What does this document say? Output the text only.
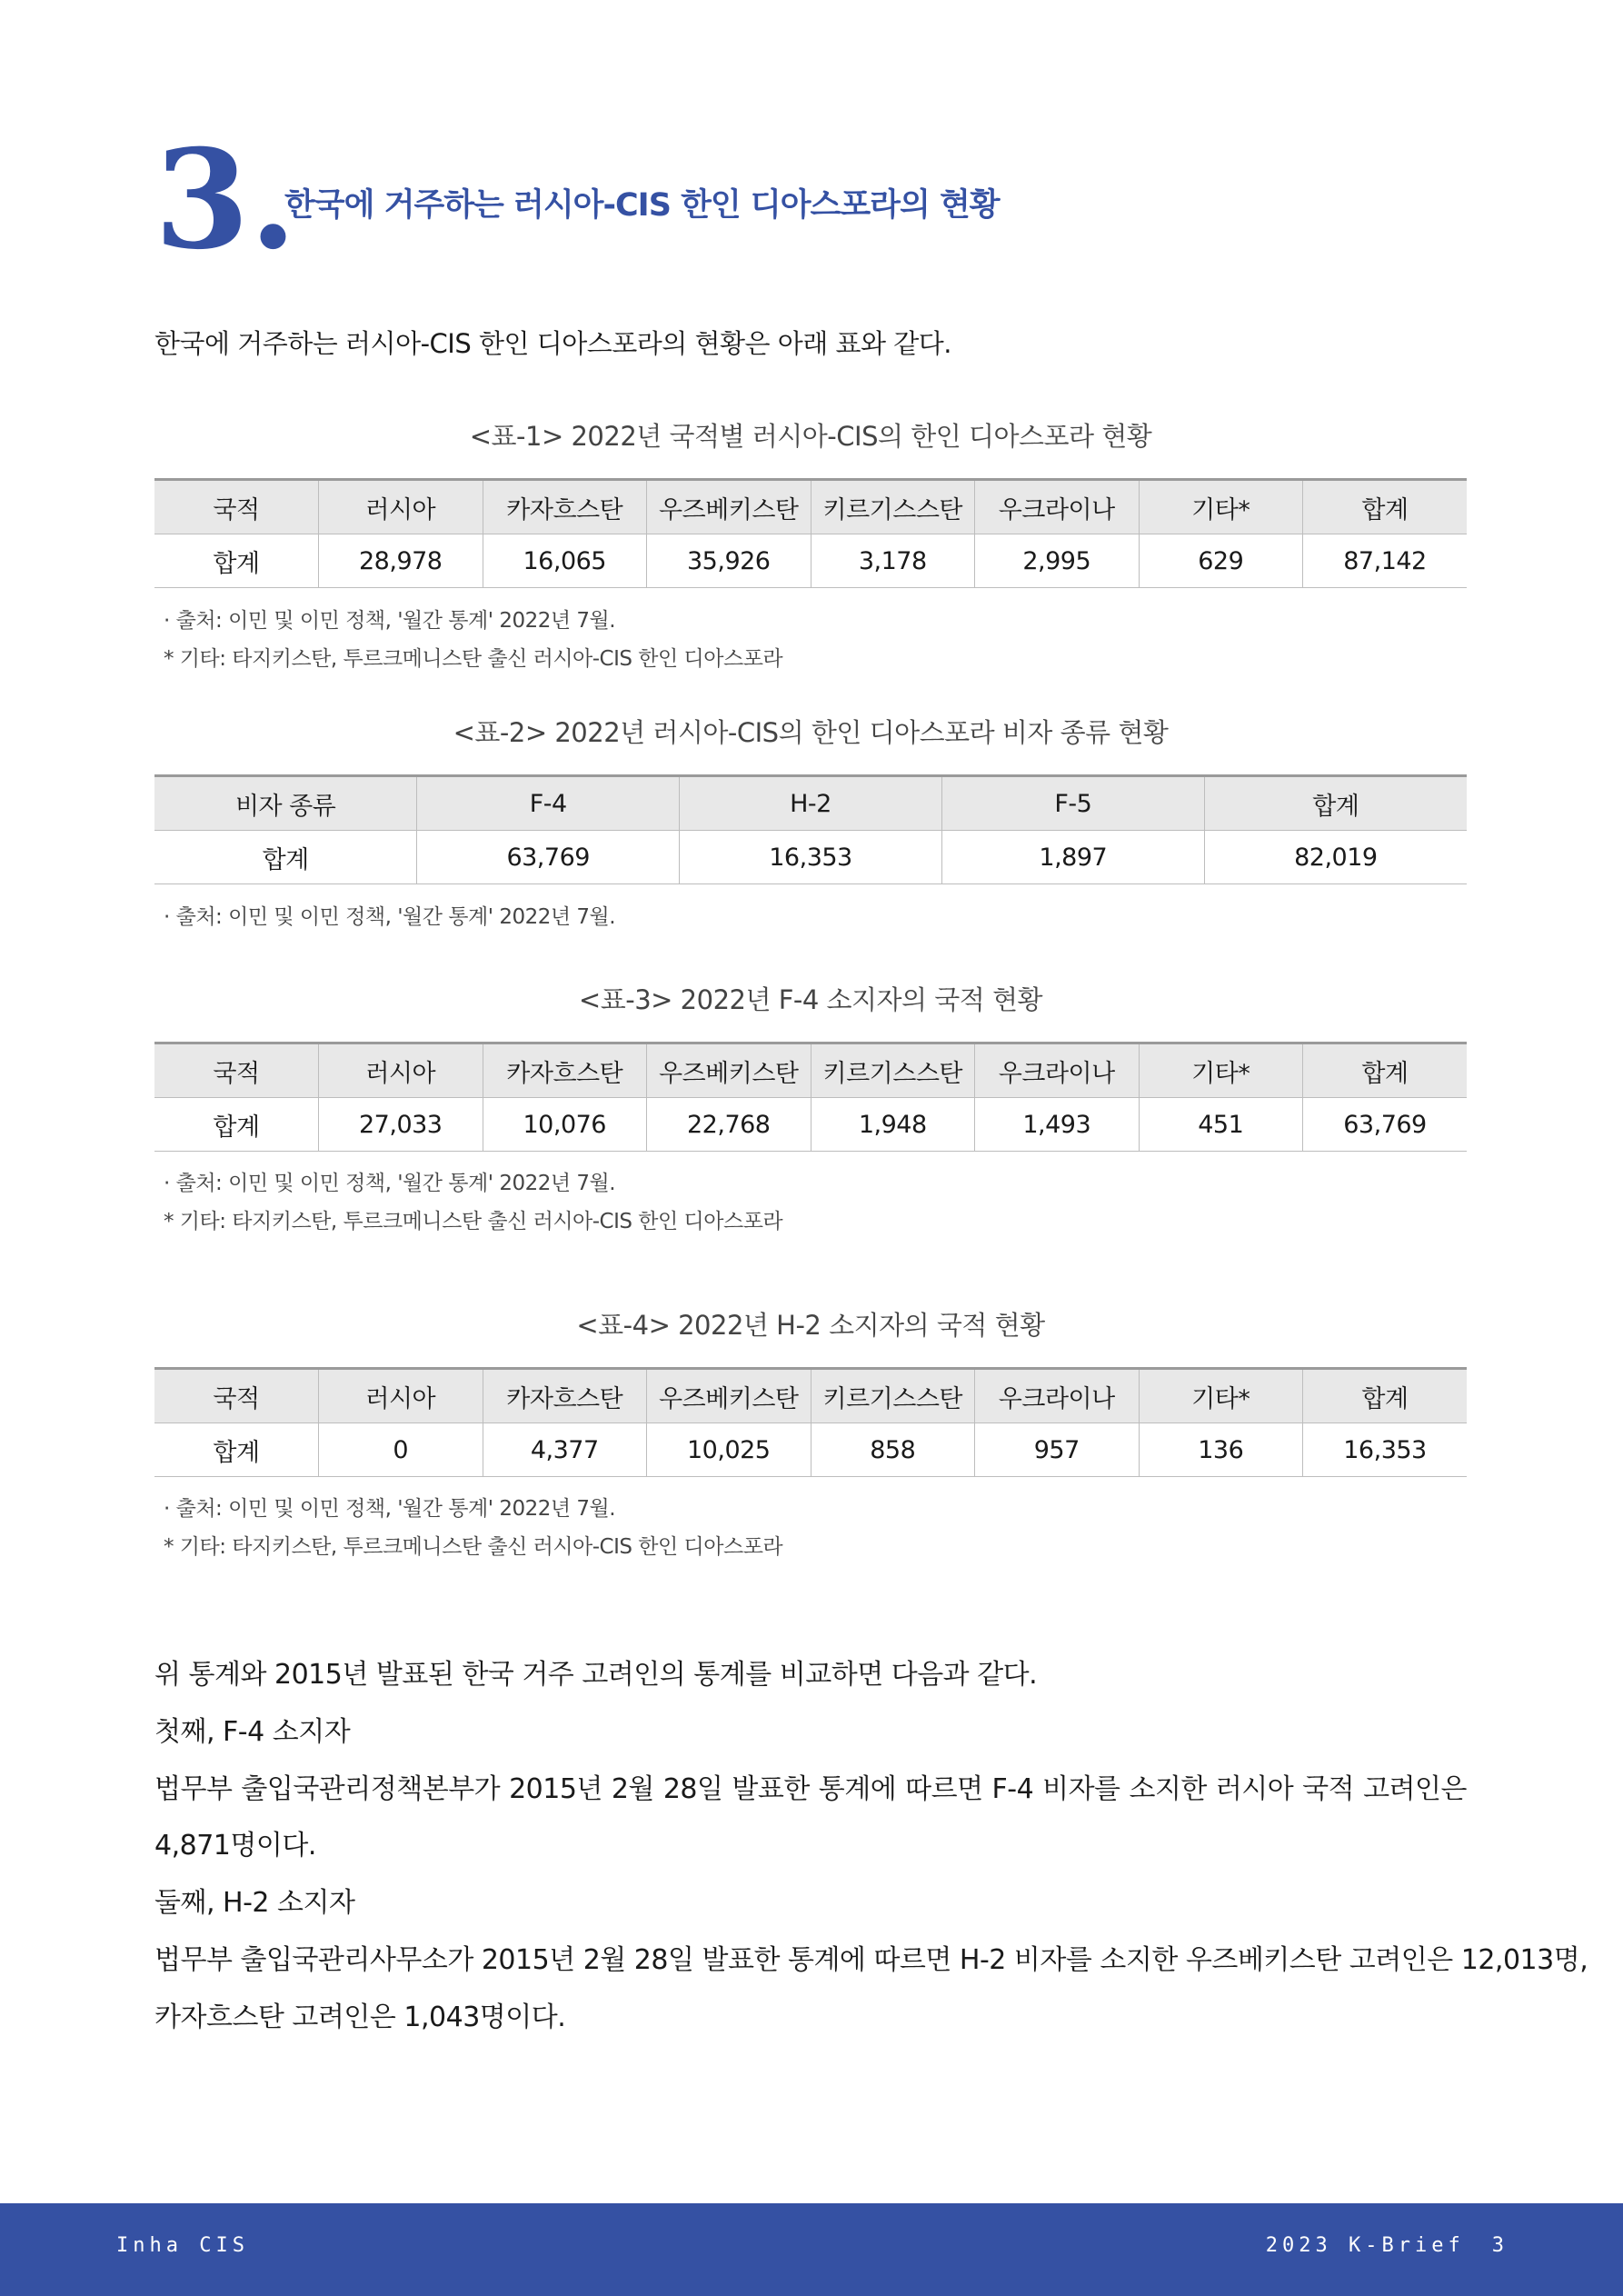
3.
한국에 거주하는 러시아-CIS 한인 디아스포라의 현황
한국에 거주하는 러시아-CIS 한인 디아스포라의 현황은 아래 표와 같다.
<표-1> 2022년 국적별 러시아-CIS의 한인 디아스포라 현황
국적	러시아	카자흐스탄	우즈베키스탄	키르기스스탄	우크라이나	기타*	합계
합계	28,978	16,065	35,926	3,178	2,995	629	87,142
· 출처: 이민 및 이민 정책, '월간 통계' 2022년 7월.
* 기타: 타지키스탄, 투르크메니스탄 출신 러시아-CIS 한인 디아스포라
<표-2> 2022년 러시아-CIS의 한인 디아스포라 비자 종류 현황
비자 종류	F-4	H-2	F-5	합계
합계	63,769	16,353	1,897	82,019
· 출처: 이민 및 이민 정책, '월간 통계' 2022년 7월.
<표-3> 2022년 F-4 소지자의 국적 현황
국적	러시아	카자흐스탄	우즈베키스탄	키르기스스탄	우크라이나	기타*	합계
합계	27,033	10,076	22,768	1,948	1,493	451	63,769
· 출처: 이민 및 이민 정책, '월간 통계' 2022년 7월.
* 기타: 타지키스탄, 투르크메니스탄 출신 러시아-CIS 한인 디아스포라
<표-4> 2022년 H-2 소지자의 국적 현황
국적	러시아	카자흐스탄	우즈베키스탄	키르기스스탄	우크라이나	기타*	합계
합계	0	4,377	10,025	858	957	136	16,353
· 출처: 이민 및 이민 정책, '월간 통계' 2022년 7월.
* 기타: 타지키스탄, 투르크메니스탄 출신 러시아-CIS 한인 디아스포라
위 통계와 2015년 발표된 한국 거주 고려인의 통계를 비교하면 다음과 같다.
첫째, F-4 소지자
법무부 출입국관리정책본부가 2015년 2월 28일 발표한 통계에 따르면 F-4 비자를 소지한 러시아 국적 고려인은
4,871명이다.
둘째, H-2 소지자
법무부 출입국관리사무소가 2015년 2월 28일 발표한 통계에 따르면 H-2 비자를 소지한 우즈베키스탄 고려인은 12,013명,
카자흐스탄 고려인은 1,043명이다.
Inha CIS	2023 K-Brief 3
